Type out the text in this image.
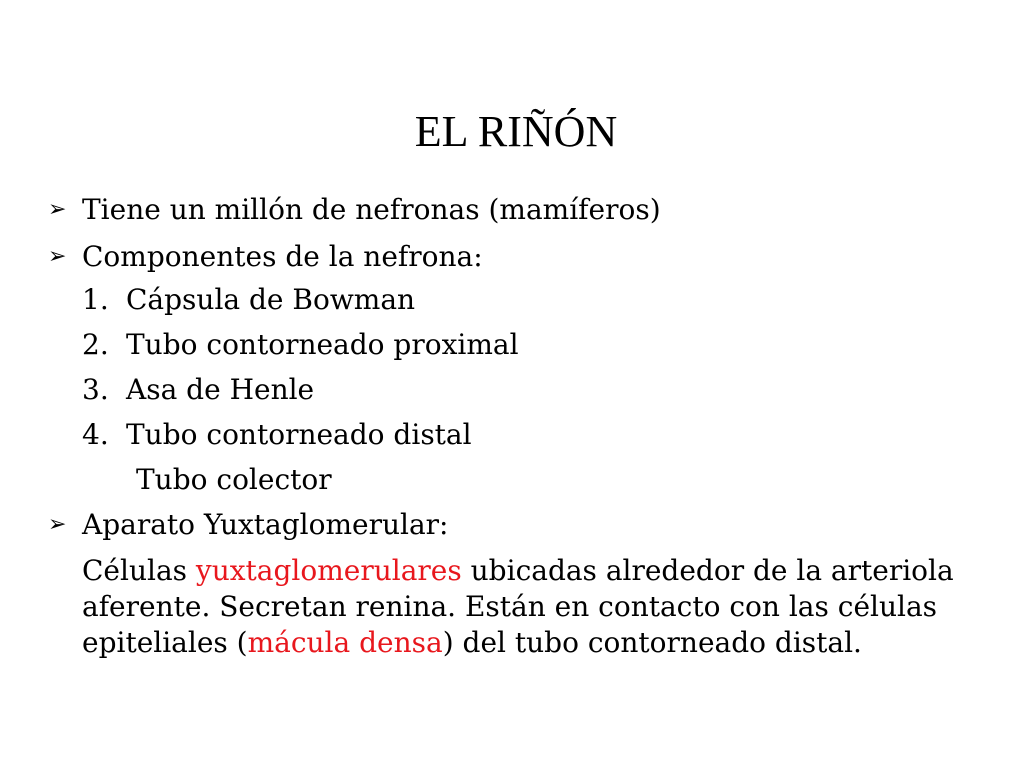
EL RIÑÓN
➢ Tiene un millón de nefronas (mamíferos)
➢ Componentes de la nefrona:
1. Cápsula de Bowman
2. Tubo contorneado proximal
3. Asa de Henle
4. Tubo contorneado distal
Tubo colector
➢ Aparato Yuxtaglomerular:
Células yuxtaglomerulares ubicadas alrededor de la arteriola aferente. Secretan renina. Están en contacto con las células epiteliales (mácula densa) del tubo contorneado distal.
